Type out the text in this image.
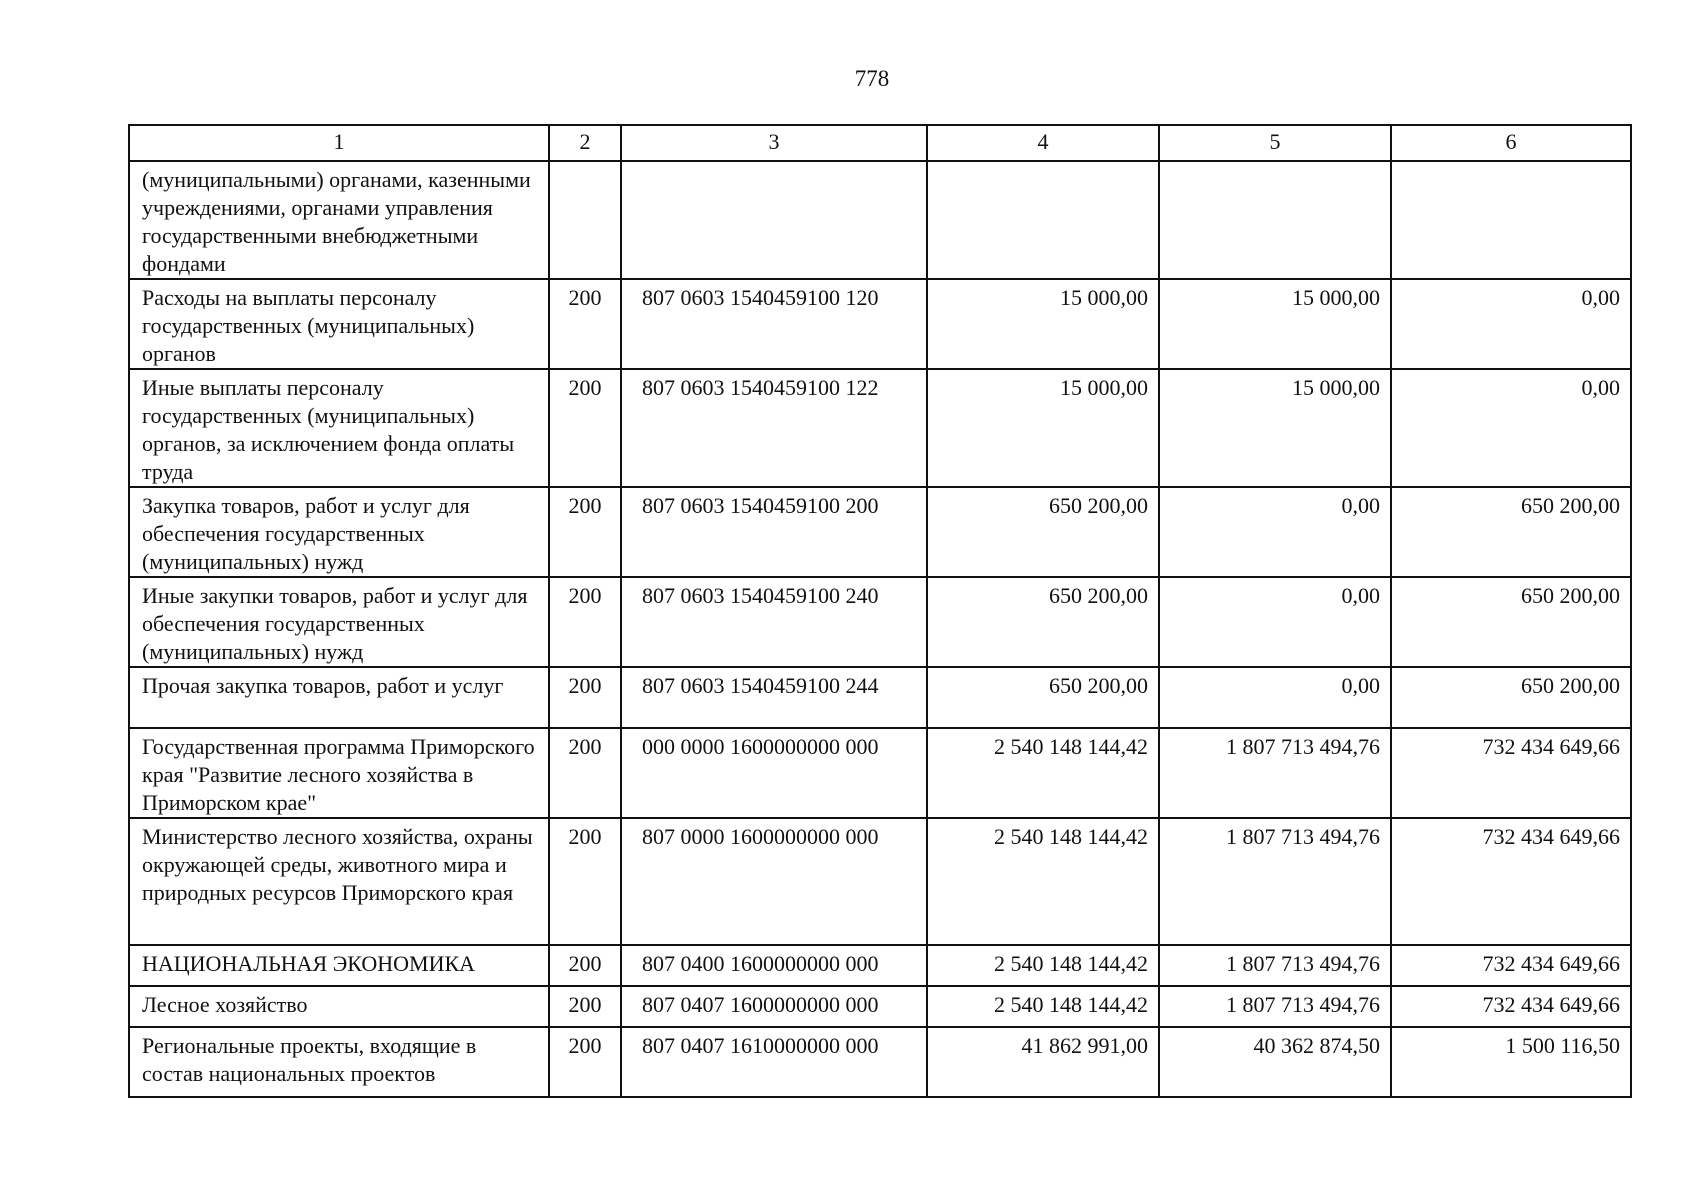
778
1	2	3	4	5	6
(муниципальными) органами, казенными учреждениями, органами управления государственными внебюджетными фондами					
Расходы на выплаты персоналу государственных (муниципальных) органов	200	807 0603 1540459100 120	15 000,00	15 000,00	0,00
Иные выплаты персоналу государственных (муниципальных) органов, за исключением фонда оплаты труда	200	807 0603 1540459100 122	15 000,00	15 000,00	0,00
Закупка товаров, работ и услуг для обеспечения государственных (муниципальных) нужд	200	807 0603 1540459100 200	650 200,00	0,00	650 200,00
Иные закупки товаров, работ и услуг для обеспечения государственных (муниципальных) нужд	200	807 0603 1540459100 240	650 200,00	0,00	650 200,00
Прочая закупка товаров, работ и услуг	200	807 0603 1540459100 244	650 200,00	0,00	650 200,00
Государственная программа Приморского края "Развитие лесного хозяйства в Приморском крае"	200	000 0000 1600000000 000	2 540 148 144,42	1 807 713 494,76	732 434 649,66
Министерство лесного хозяйства, охраны окружающей среды, животного мира и природных ресурсов Приморского края	200	807 0000 1600000000 000	2 540 148 144,42	1 807 713 494,76	732 434 649,66
НАЦИОНАЛЬНАЯ ЭКОНОМИКА	200	807 0400 1600000000 000	2 540 148 144,42	1 807 713 494,76	732 434 649,66
Лесное хозяйство	200	807 0407 1600000000 000	2 540 148 144,42	1 807 713 494,76	732 434 649,66
Региональные проекты, входящие в состав национальных проектов	200	807 0407 1610000000 000	41 862 991,00	40 362 874,50	1 500 116,50
